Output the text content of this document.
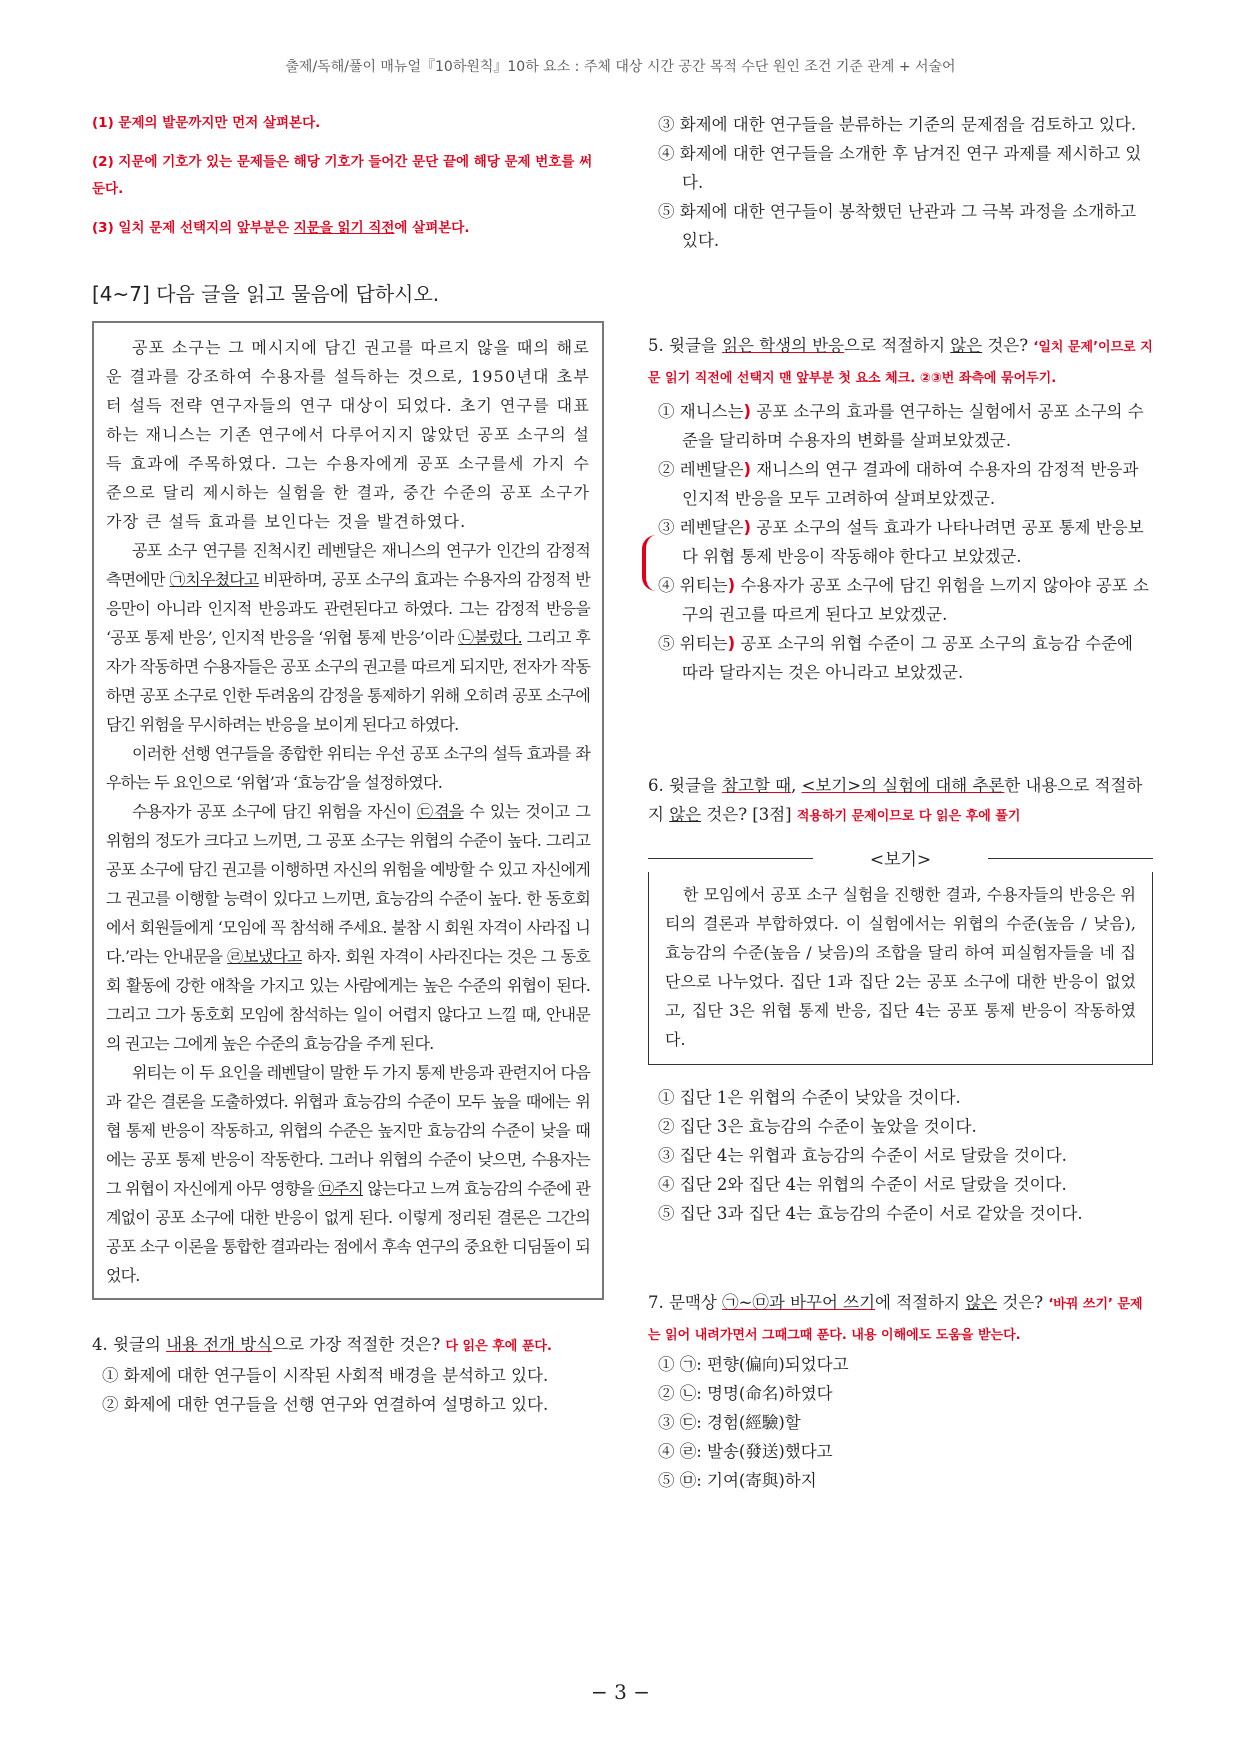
출제/독해/풀이 매뉴얼『10하원칙』10하 요소 : 주체 대상 시간 공간 목적 수단 원인 조건 기준 관계 + 서술어

(1) 문제의 발문까지만 먼저 살펴본다.

(2) 지문에 기호가 있는 문제들은 해당 기호가 들어간 문단 끝에 해당 문제 번호를 써둔다.

(3) 일치 문제 선택지의 앞부분은 지문을 읽기 직전에 살펴본다.

[4~7] 다음 글을 읽고 물음에 답하시오.

공포 소구는 그 메시지에 담긴 권고를 따르지 않을 때의 해로운 결과를 강조하여 수용자를 설득하는 것으로, 1950년대 초부터 설득 전략 연구자들의 연구 대상이 되었다. 초기 연구를 대표하는 재니스는 기존 연구에서 다루어지지 않았던 공포 소구의 설득 효과에 주목하였다. 그는 수용자에게 공포 소구를세 가지 수준으로 달리 제시하는 실험을 한 결과, 중간 수준의 공포 소구가 가장 큰 설득 효과를 보인다는 것을 발견하였다.

공포 소구 연구를 진척시킨 레벤달은 재니스의 연구가 인간의 감정적 측면에만 ㉠치우쳤다고 비판하며, 공포 소구의 효과는 수용자의 감정적 반응만이 아니라 인지적 반응과도 관련된다고 하였다. 그는 감정적 반응을 ‘공포 통제 반응’, 인지적 반응을 ‘위협 통제 반응’이라 ㉡불렀다. 그리고 후자가 작동하면 수용자들은 공포 소구의 권고를 따르게 되지만, 전자가 작동하면 공포 소구로 인한 두려움의 감정을 통제하기 위해 오히려 공포 소구에 담긴 위험을 무시하려는 반응을 보이게 된다고 하였다.

이러한 선행 연구들을 종합한 위티는 우선 공포 소구의 설득 효과를 좌우하는 두 요인으로 ‘위협’과 ‘효능감’을 설정하였다.

수용자가 공포 소구에 담긴 위험을 자신이 ㉢겪을 수 있는 것이고 그 위험의 정도가 크다고 느끼면, 그 공포 소구는 위협의 수준이 높다. 그리고 공포 소구에 담긴 권고를 이행하면 자신의 위험을 예방할 수 있고 자신에게 그 권고를 이행할 능력이 있다고 느끼면, 효능감의 수준이 높다. 한 동호회에서 회원들에게 ‘모임에 꼭 참석해 주세요. 불참 시 회원 자격이 사라집 니다.’라는 안내문을 ㉣보냈다고 하자. 회원 자격이 사라진다는 것은 그 동호회 활동에 강한 애착을 가지고 있는 사람에게는 높은 수준의 위협이 된다. 그리고 그가 동호회 모임에 참석하는 일이 어렵지 않다고 느낄 때, 안내문의 권고는 그에게 높은 수준의 효능감을 주게 된다.

위티는 이 두 요인을 레벤달이 말한 두 가지 통제 반응과 관련지어 다음과 같은 결론을 도출하였다. 위협과 효능감의 수준이 모두 높을 때에는 위협 통제 반응이 작동하고, 위협의 수준은 높지만 효능감의 수준이 낮을 때에는 공포 통제 반응이 작동한다. 그러나 위협의 수준이 낮으면, 수용자는 그 위협이 자신에게 아무 영향을 ㉤주지 않는다고 느껴 효능감의 수준에 관계없이 공포 소구에 대한 반응이 없게 된다. 이렇게 정리된 결론은 그간의 공포 소구 이론을 통합한 결과라는 점에서 후속 연구의 중요한 디딤돌이 되었다.

4. 윗글의 내용 전개 방식으로 가장 적절한 것은? 다 읽은 후에 푼다.

① 화제에 대한 연구들이 시작된 사회적 배경을 분석하고 있다.
② 화제에 대한 연구들을 선행 연구와 연결하여 설명하고 있다.
③ 화제에 대한 연구들을 분류하는 기준의 문제점을 검토하고 있다.
④ 화제에 대한 연구들을 소개한 후 남겨진 연구 과제를 제시하고 있다.
⑤ 화제에 대한 연구들이 봉착했던 난관과 그 극복 과정을 소개하고 있다.

5. 윗글을 읽은 학생의 반응으로 적절하지 않은 것은? ‘일치 문제’이므로 지문 읽기 직전에 선택지 맨 앞부분 첫 요소 체크. ②③번 좌측에 묶어두기.

① 재니스는) 공포 소구의 효과를 연구하는 실험에서 공포 소구의 수준을 달리하며 수용자의 변화를 살펴보았겠군.
② 레벤달은) 재니스의 연구 결과에 대하여 수용자의 감정적 반응과 인지적 반응을 모두 고려하여 살펴보았겠군.
③ 레벤달은) 공포 소구의 설득 효과가 나타나려면 공포 통제 반응보다 위협 통제 반응이 작동해야 한다고 보았겠군.
④ 위티는) 수용자가 공포 소구에 담긴 위험을 느끼지 않아야 공포 소구의 권고를 따르게 된다고 보았겠군.
⑤ 위티는) 공포 소구의 위협 수준이 그 공포 소구의 효능감 수준에 따라 달라지는 것은 아니라고 보았겠군.

6. 윗글을 참고할 때, <보기>의 실험에 대해 추론한 내용으로 적절하지 않은 것은? [3점] 적용하기 문제이므로 다 읽은 후에 풀기

<보기>

한 모임에서 공포 소구 실험을 진행한 결과, 수용자들의 반응은 위티의 결론과 부합하였다. 이 실험에서는 위협의 수준(높음 / 낮음), 효능감의 수준(높음 / 낮음)의 조합을 달리 하여 피실험자들을 네 집단으로 나누었다. 집단 1과 집단 2는 공포 소구에 대한 반응이 없었고, 집단 3은 위협 통제 반응, 집단 4는 공포 통제 반응이 작동하였다.

① 집단 1은 위협의 수준이 낮았을 것이다.
② 집단 3은 효능감의 수준이 높았을 것이다.
③ 집단 4는 위협과 효능감의 수준이 서로 달랐을 것이다.
④ 집단 2와 집단 4는 위협의 수준이 서로 달랐을 것이다.
⑤ 집단 3과 집단 4는 효능감의 수준이 서로 같았을 것이다.

7. 문맥상 ㉠~㉤과 바꾸어 쓰기에 적절하지 않은 것은? ‘바꿔 쓰기’ 문제는 읽어 내려가면서 그때그때 푼다. 내용 이해에도 도움을 받는다.

① ㉠: 편향(偏向)되었다고
② ㉡: 명명(命名)하였다
③ ㉢: 경험(經驗)할
④ ㉣: 발송(發送)했다고
⑤ ㉤: 기여(寄與)하지
− 3 −
